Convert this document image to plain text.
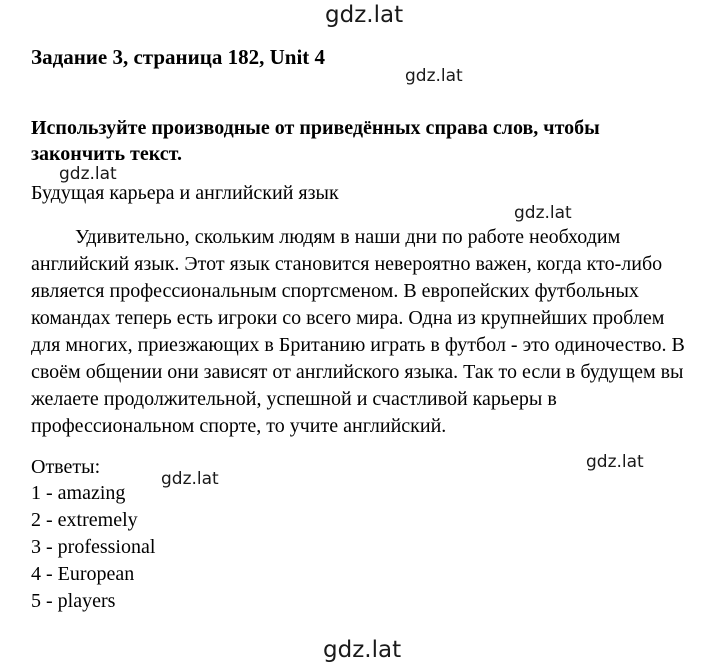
gdz.lat
Задание 3, страница 182, Unit 4
gdz.lat
Используйте производные от приведённых справа слов, чтобы
закончить текст.
gdz.lat
Будущая карьера и английский язык
gdz.lat
Удивительно, скольким людям в наши дни по работе необходим
английский язык. Этот язык становится невероятно важен, когда кто-либо
является профессиональным спортсменом. В европейских футбольных
командах теперь есть игроки со всего мира. Одна из крупнейших проблем
для многих, приезжающих в Британию играть в футбол - это одиночество. В
своём общении они зависят от английского языка. Так то если в будущем вы
желаете продолжительной, успешной и счастливой карьеры в
профессиональном спорте, то учите английский.
Ответы:	gdz.lat
gdz.lat
1 - amazing
2 - extremely
3 - professional
4 - European
5 - players
gdz.lat
